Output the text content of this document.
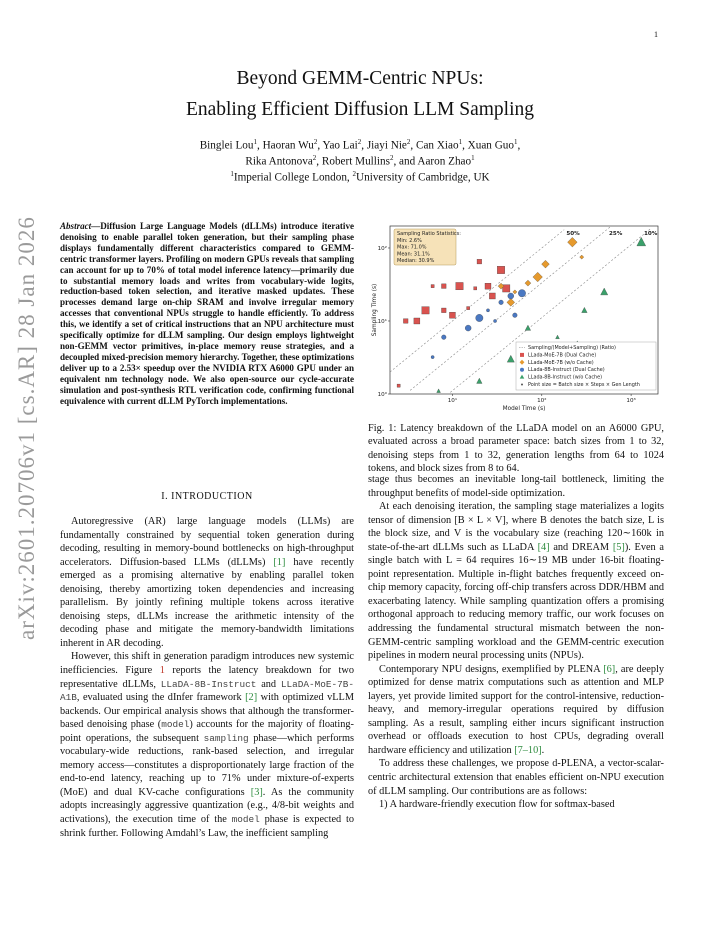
1
arXiv:2601.20706v1 [cs.AR] 28 Jan 2026
Beyond GEMM-Centric NPUs:
Enabling Efficient Diffusion LLM Sampling
Binglei Lou$^1$, Haoran Wu$^2$, Yao Lai$^2$, Jiayi Nie$^2$, Can Xiao$^1$, Xuan Guo$^1$,
Rika Antonova$^2$, Robert Mullins$^2$, and Aaron Zhao$^1$
$^1$Imperial College London, $^2$University of Cambridge, UK
Abstract—Diffusion Large Language Models (dLLMs) introduce iterative denoising to enable parallel token generation, but their sampling phase displays fundamentally different characteristics compared to GEMM-centric transformer layers. Profiling on modern GPUs reveals that sampling can account for up to 70% of total model inference latency—primarily due to substantial memory loads and writes from vocabulary-wide logits, reduction-based token selection, and iterative masked updates. These processes demand large on-chip SRAM and involve irregular memory accesses that conventional NPUs struggle to handle efficiently. To address this, we identify a set of critical instructions that an NPU architecture must specifically optimize for dLLM sampling. Our design employs lightweight non-GEMM vector primitives, in-place memory reuse strategies, and a decoupled mixed-precision memory hierarchy. Together, these optimizations deliver up to a 2.53× speedup over the NVIDIA RTX A6000 GPU under an equivalent nm technology node. We also open-source our cycle-accurate simulation and post-synthesis RTL verification code, confirming functional equivalence with current dLLM PyTorch implementations.
I. INTRODUCTION

Autoregressive (AR) large language models (LLMs) are fundamentally constrained by sequential token generation during decoding, resulting in memory-bound bottlenecks on high-throughput accelerators. Diffusion-based LLMs (dLLMs) [1] have recently emerged as a promising alternative by enabling parallel token denoising, thereby amortizing token dependencies and increasing parallelism. By jointly refining multiple tokens across iterative denoising steps, dLLMs increase the arithmetic intensity of the decoding phase and mitigate the memory-bandwidth limitations inherent in AR decoding.

However, this shift in generation paradigm introduces new systemic inefficiencies. Figure 1 reports the latency breakdown for two representative dLLMs, LLaDA-8B-Instruct and LLaDA-MoE-7B-A1B, evaluated using the dInfer framework [2] with optimized vLLM backends. Our empirical analysis shows that although the transformer-based denoising phase (model) accounts for the majority of floating-point operations, the subsequent sampling phase—which performs vocabulary-wide reductions, rank-based selection, and irregular memory access—constitutes a disproportionately large fraction of the end-to-end latency, reaching up to 71% under mixture-of-experts (MoE) and dual KV-cache configurations [3]. As the community adopts increasingly aggressive quantization (e.g., 4/8-bit weights and activations), the execution time of the model phase is expected to shrink further. Following Amdahl’s Law, the inefficient sampling

50%	25%	10%
10¹	10²	10³
10⁰
10¹
10²
Model Time (s)
Sampling Time (s)
Sampling Ratio Statistics:
Min: 2.6%
Max: 71.0%
Mean: 31.1%
Median: 30.9%
Sampling/(Model+Sampling) (Ratio)
LLada-MoE-7B (Dual Cache)
LLada-MoE-7B (w/o Cache)
LLada-8B-Instruct (Dual Cache)
LLada-8B-Instruct (w/o Cache)
Point size = Batch size × Steps × Gen Length
Fig. 1: Latency breakdown of the LLaDA model on an A6000 GPU, evaluated across a broad parameter space: batch sizes from 1 to 32, denoising steps from 1 to 32, generation lengths from 64 to 1024 tokens, and block sizes from 8 to 64.

stage thus becomes an inevitable long-tail bottleneck, limiting the throughput benefits of model-side optimization.

At each denoising iteration, the sampling stage materializes a logits tensor of dimension [B × L × V], where B denotes the batch size, L is the block size, and V is the vocabulary size (reaching 120∼160k in state-of-the-art dLLMs such as LLaDA [4] and DREAM [5]). Even a single batch with L = 64 requires 16∼19 MB under 16-bit floating-point representation. Multiple in-flight batches frequently exceed on-chip memory capacity, forcing off-chip transfers across DDR/HBM and exacerbating latency. While sampling quantization offers a promising orthogonal approach to reducing memory traffic, our work focuses on addressing the fundamental structural mismatch between the non-GEMM-centric sampling workload and the GEMM-centric execution pipelines in modern neural processing units (NPUs).

Contemporary NPU designs, exemplified by PLENA [6], are deeply optimized for dense matrix computations such as attention and MLP layers, yet provide limited support for the control-intensive, reduction-heavy, and memory-irregular operations required by diffusion sampling. As a result, sampling either incurs significant instruction overhead or offloads execution to host CPUs, degrading overall hardware efficiency and utilization [7–10].

To address these challenges, we propose d-PLENA, a vector-scalar-centric architectural extension that enables efficient on-NPU execution of dLLM sampling. Our contributions are as follows:

1) A hardware-friendly execution flow for softmax-based
